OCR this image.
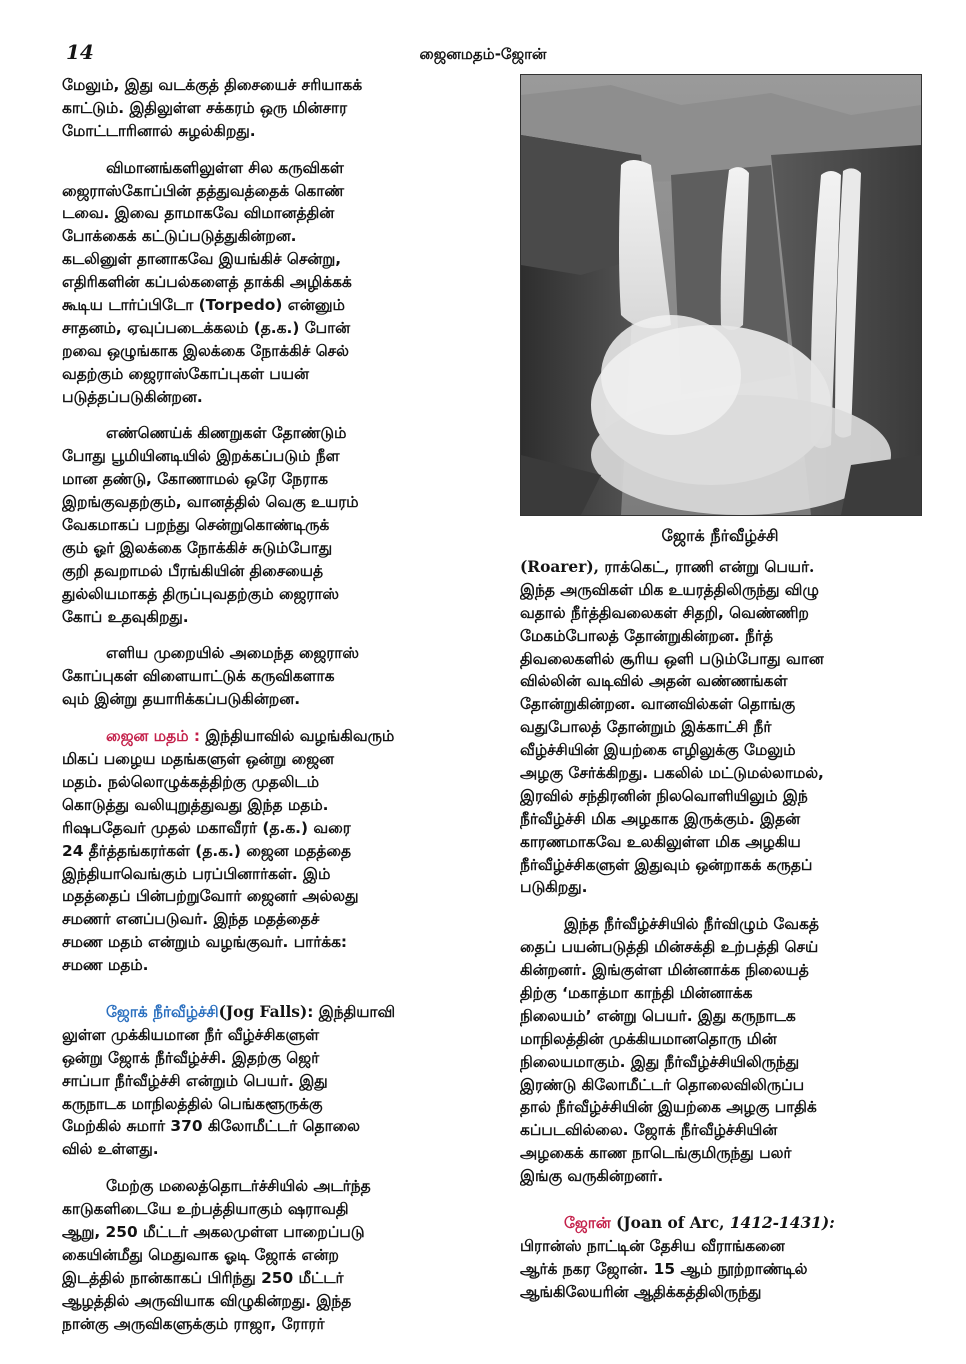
14	ஜைனமதம்-ஜோன்
மேலும், இது வடக்குத் திசையைச் சரியாகக்
காட்டும். இதிலுள்ள சக்கரம் ஒரு மின்சார
மோட்டாரினால் சுழல்கிறது.
விமானங்களிலுள்ள சில கருவிகள்
ஜைராஸ்கோப்பின் தத்துவத்தைக் கொண்
டவை. இவை தாமாகவே விமானத்தின்
போக்கைக் கட்டுப்படுத்துகின்றன.
கடலினுள் தானாகவே இயங்கிச் சென்று,
எதிரிகளின் கப்பல்களைத் தாக்கி அழிக்கக்
கூடிய டார்ப்பிடோ (Torpedo) என்னும்
சாதனம், ஏவுப்படைக்கலம் (த.க.) போன்
றவை ஒழுங்காக இலக்கை நோக்கிச் செல்
வதற்கும் ஜைராஸ்கோப்புகள் பயன்
படுத்தப்படுகின்றன.
எண்ணெய்க் கிணறுகள் தோண்டும்
போது பூமியினடியில் இறக்கப்படும் நீள
மான தண்டு, கோணாமல் ஒரே நேராக
இறங்குவதற்கும், வானத்தில் வெகு உயரம்
வேகமாகப் பறந்து சென்றுகொண்டிருக்
கும் ஓர் இலக்கை நோக்கிச் சுடும்போது
குறி தவறாமல் பீரங்கியின் திசையைத்
துல்லியமாகத் திருப்புவதற்கும் ஜைராஸ்
கோப் உதவுகிறது.
எளிய முறையில் அமைந்த ஜைராஸ்
கோப்புகள் விளையாட்டுக் கருவிகளாக
வும் இன்று தயாரிக்கப்படுகின்றன.
ஜைன மதம் : இந்தியாவில் வழங்கிவரும்
மிகப் பழைய மதங்களுள் ஒன்று ஜைன
மதம். நல்லொழுக்கத்திற்கு முதலிடம்
கொடுத்து வலியுறுத்துவது இந்த மதம்.
ரிஷபதேவர் முதல் மகாவீரர் (த.க.) வரை
24 தீர்த்தங்கரர்கள் (த.க.) ஜைன மதத்தை
இந்தியாவெங்கும் பரப்பினார்கள். இம்
மதத்தைப் பின்பற்றுவோர் ஜைனர் அல்லது
சமணர் எனப்படுவர். இந்த மதத்தைச்
சமண மதம் என்றும் வழங்குவர். பார்க்க:
சமண மதம்.
ஜோக் நீர்வீழ்ச்சி(Jog Falls): இந்தியாவி
லுள்ள முக்கியமான நீர் வீழ்ச்சிகளுள்
ஒன்று ஜோக் நீர்வீழ்ச்சி. இதற்கு ஜெர்
சாப்பா நீர்வீழ்ச்சி என்றும் பெயர். இது
கருநாடக மாநிலத்தில் பெங்களூருக்கு
மேற்கில் சுமார் 370 கிலோமீட்டர் தொலை
வில் உள்ளது.
மேற்கு மலைத்தொடர்ச்சியில் அடர்ந்த
காடுகளிடையே உற்பத்தியாகும் ஷராவதி
ஆறு, 250 மீட்டர் அகலமுள்ள பாறைப்படு
கையின்மீது மெதுவாக ஓடி ஜோக் என்ற
இடத்தில் நான்காகப் பிரிந்து 250 மீட்டர்
ஆழத்தில் அருவியாக விழுகின்றது. இந்த
நான்கு அருவிகளுக்கும் ராஜா, ரோரர்
ஜோக் நீர்வீழ்ச்சி
(Roarer), ராக்கெட், ராணி என்று பெயர்.
இந்த அருவிகள் மிக உயரத்திலிருந்து விழு
வதால் நீர்த்திவலைகள் சிதறி, வெண்ணிற
மேகம்போலத் தோன்றுகின்றன. நீர்த்
திவலைகளில் சூரிய ஒளி படும்போது வான
வில்லின் வடிவில் அதன் வண்ணங்கள்
தோன்றுகின்றன. வானவில்கள் தொங்கு
வதுபோலத் தோன்றும் இக்காட்சி நீர்
வீழ்ச்சியின் இயற்கை எழிலுக்கு மேலும்
அழகு சேர்க்கிறது. பகலில் மட்டுமல்லாமல்,
இரவில் சந்திரனின் நிலவொளியிலும் இந்
நீர்வீழ்ச்சி மிக அழகாக இருக்கும். இதன்
காரணமாகவே உலகிலுள்ள மிக அழகிய
நீர்வீழ்ச்சிகளுள் இதுவும் ஒன்றாகக் கருதப்
படுகிறது.
இந்த நீர்வீழ்ச்சியில் நீர்விழும் வேகத்
தைப் பயன்படுத்தி மின்சக்தி உற்பத்தி செய்
கின்றனர். இங்குள்ள மின்னாக்க நிலையத்
திற்கு ‘மகாத்மா காந்தி மின்னாக்க
நிலையம்’ என்று பெயர். இது கருநாடக
மாநிலத்தின் முக்கியமானதொரு மின்
நிலையமாகும். இது நீர்வீழ்ச்சியிலிருந்து
இரண்டு கிலோமீட்டர் தொலைவிலிருப்ப
தால் நீர்வீழ்ச்சியின் இயற்கை அழகு பாதிக்
கப்படவில்லை. ஜோக் நீர்வீழ்ச்சியின்
அழகைக் காண நாடெங்குமிருந்து பலர்
இங்கு வருகின்றனர்.
ஜோன் (Joan of Arc, 1412-1431):
பிரான்ஸ் நாட்டின் தேசிய வீராங்கனை
ஆர்க் நகர ஜோன். 15 ஆம் நூற்றாண்டில்
ஆங்கிலேயரின் ஆதிக்கத்திலிருந்து
